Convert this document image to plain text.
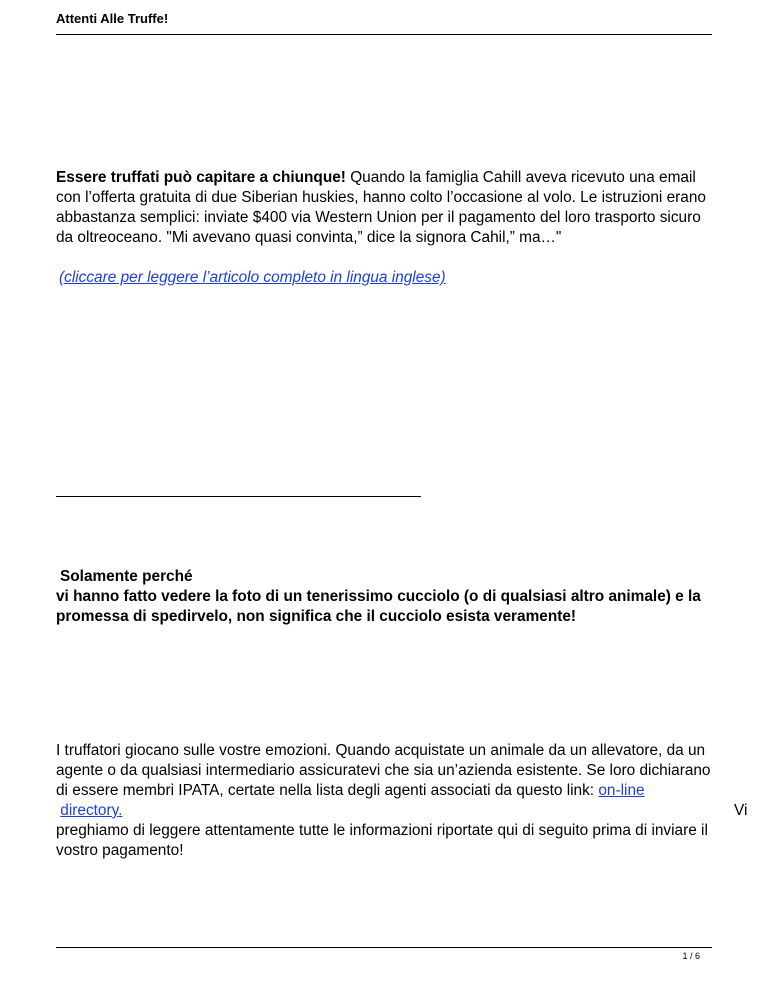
Attenti Alle Truffe!

Essere truffati può capitare a chiunque! Quando la famiglia Cahill aveva ricevuto una email con l’offerta gratuita di due Siberian huskies, hanno colto l’occasione al volo. Le istruzioni erano abbastanza semplici: inviate $400 via Western Union per il pagamento del loro trasporto sicuro da oltreoceano. "Mi avevano quasi convinta,” dice la signora Cahil,” ma…"

(cliccare per leggere l’articolo completo in lingua inglese)

Solamente perché
vi hanno fatto vedere la foto di un tenerissimo cucciolo (o di qualsiasi altro animale) e la promessa di spedirvelo, non significa che il cucciolo esista veramente!

I truffatori giocano sulle vostre emozioni. Quando acquistate un animale da un allevatore, da un agente o da qualsiasi intermediario assicuratevi che sia un’azienda esistente. Se loro dichiarano di essere membri IPATA, certate nella lista degli agenti associati da questo link: on-line

directory.	Vi
preghiamo di leggere attentamente tutte le informazioni riportate qui di seguito prima di inviare il vostro pagamento!
1 / 6
